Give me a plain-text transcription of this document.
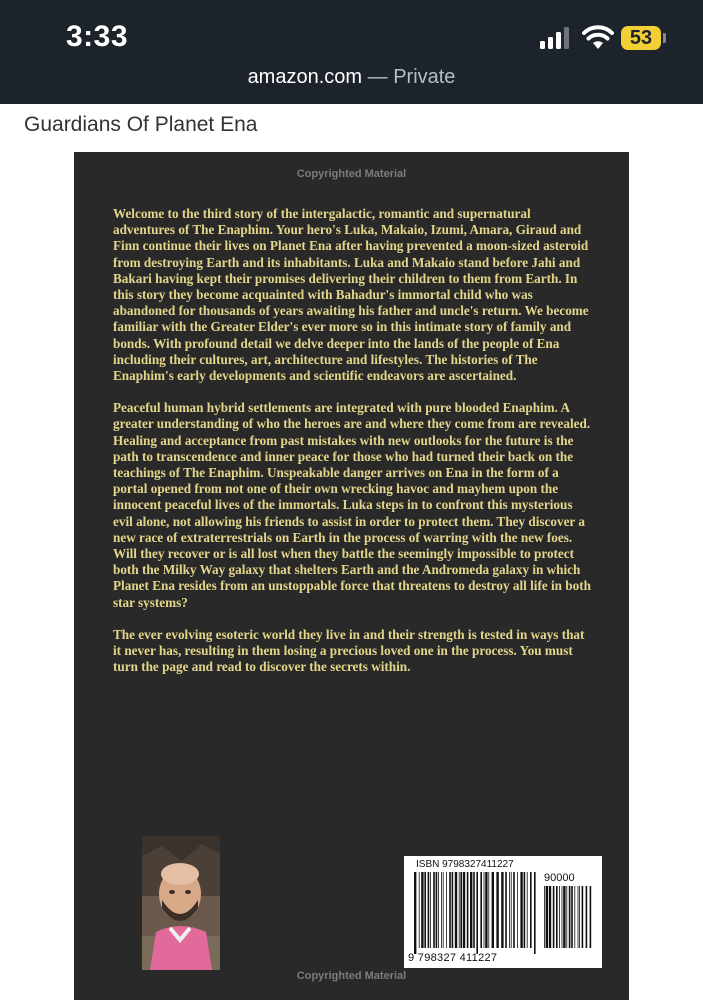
3:33	53
amazon.com — Private
Guardians Of Planet Ena
Copyrighted Material

Welcome to the third story of the intergalactic, romantic and supernatural adventures of The Enaphim. Your hero's Luka, Makaio, Izumi, Amara, Giraud and Finn continue their lives on Planet Ena after having prevented a moon-sized asteroid from destroying Earth and its inhabitants. Luka and Makaio stand before Jahi and Bakari having kept their promises delivering their children to them from Earth. In this story they become acquainted with Bahadur's immortal child who was abandoned for thousands of years awaiting his father and uncle's return. We become familiar with the Greater Elder's ever more so in this intimate story of family and bonds. With profound detail we delve deeper into the lands of the people of Ena including their cultures, art, architecture and lifestyles. The histories of The Enaphim's early developments and scientific endeavors are ascertained.

Peaceful human hybrid settlements are integrated with pure blooded Enaphim. A greater understanding of who the heroes are and where they come from are revealed. Healing and acceptance from past mistakes with new outlooks for the future is the path to transcendence and inner peace for those who had turned their back on the teachings of The Enaphim. Unspeakable danger arrives on Ena in the form of a portal opened from not one of their own wrecking havoc and mayhem upon the innocent peaceful lives of the immortals. Luka steps in to confront this mysterious evil alone, not allowing his friends to assist in order to protect them. They discover a new race of extraterrestrials on Earth in the process of warring with the new foes. Will they recover or is all lost when they battle the seemingly impossible to protect both the Milky Way galaxy that shelters Earth and the Andromeda galaxy in which Planet Ena resides from an unstoppable force that threatens to destroy all life in both star systems?

The ever evolving esoteric world they live in and their strength is tested in ways that it never has, resulting in them losing a precious loved one in the process. You must turn the page and read to discover the secrets within.

ISBN 9798327411227
90000
9 798327 411227
Copyrighted Material
